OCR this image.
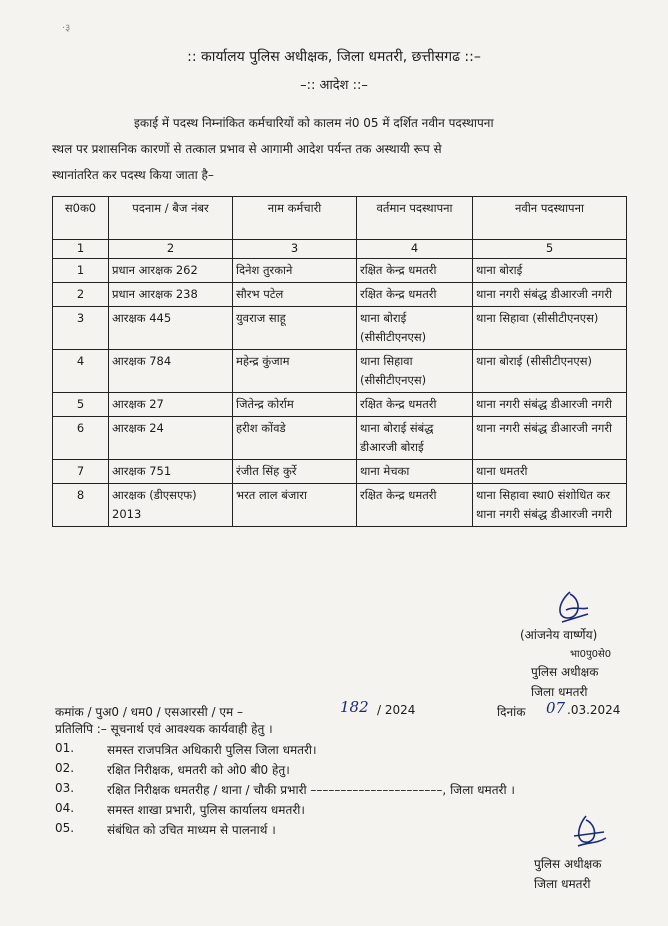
·३
:: कार्यालय पुलिस अधीक्षक, जिला धमतरी, छत्तीसगढ ::–
–:: आदेश ::–
इकाई में पदस्थ निम्नांकित कर्मचारियों को कालम नं0 05 में दर्शित नवीन पदस्थापना
स्थल पर प्रशासनिक कारणों से तत्काल प्रभाव से आगामी आदेश पर्यन्त तक अस्थायी रूप से
स्थानांतरित कर पदस्थ किया जाता है–
स0क0	पदनाम / बैज नंबर	नाम कर्मचारी	वर्तमान पदस्थापना	नवीन पदस्थापना
1	2	3	4	5
1	प्रधान आरक्षक 262	दिनेश तुरकाने	रक्षित केन्द्र धमतरी	थाना बोराई
2	प्रधान आरक्षक 238	सौरभ पटेल	रक्षित केन्द्र धमतरी	थाना नगरी संबंद्ध डीआरजी नगरी
3	आरक्षक 445	युवराज साहू	थाना बोराई (सीसीटीएनएस)	थाना सिहावा (सीसीटीएनएस)
4	आरक्षक 784	महेन्द्र कुंजाम	थाना सिहावा (सीसीटीएनएस)	थाना बोराई (सीसीटीएनएस)
5	आरक्षक 27	जितेन्द्र कोर्राम	रक्षित केन्द्र धमतरी	थाना नगरी संबंद्ध डीआरजी नगरी
6	आरक्षक 24	हरीश कोंवडे	थाना बोराई संबंद्ध डीआरजी बोराई	थाना नगरी संबंद्ध डीआरजी नगरी
7	आरक्षक 751	रंजीत सिंह कुर्रे	थाना मेचका	थाना धमतरी
8	आरक्षक (डीएसएफ) 2013	भरत लाल बंजारा	रक्षित केन्द्र धमतरी	थाना सिहावा स्था0 संशोधित कर थाना नगरी संबंद्ध डीआरजी नगरी
(आंजनेय वार्ष्णेय)
भा0पु0से0
पुलिस अधीक्षक
जिला धमतरी
कमांक / पुअ0 / धम0 / एसआरसी / एम –	182 / 2024	दिनांक 07 .03.2024
प्रतिलिपि :– सूचनार्थ एवं आवश्यक कार्यवाही हेतु ।
01.	समस्त राजपत्रित अधिकारी पुलिस जिला धमतरी।
02.	रक्षित निरीक्षक, धमतरी को ओ0 बी0 हेतु।
03.	रक्षित निरीक्षक धमतरीह / थाना / चौकी प्रभारी ––––––––––––––––––––––, जिला धमतरी ।
04.	समस्त शाखा प्रभारी, पुलिस कार्यालय धमतरी।
05.	संबंधित को उचित माध्यम से पालनार्थ ।
पुलिस अधीक्षक
जिला धमतरी
